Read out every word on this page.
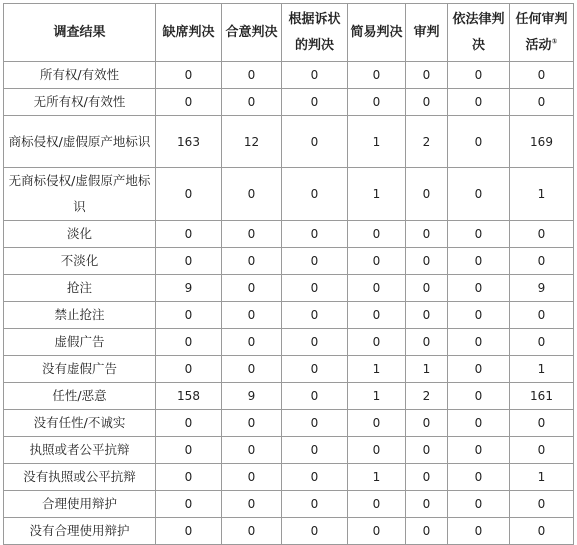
调查结果	缺席判决	合意判决	根据诉状的判决	简易判决	审判	依法律判决	任何审判活动①
所有权/有效性	0	0	0	0	0	0	0
无所有权/有效性	0	0	0	0	0	0	0
商标侵权/虚假原产地标识	163	12	0	1	2	0	169
无商标侵权/虚假原产地标识	0	0	0	1	0	0	1
淡化	0	0	0	0	0	0	0
不淡化	0	0	0	0	0	0	0
抢注	9	0	0	0	0	0	9
禁止抢注	0	0	0	0	0	0	0
虚假广告	0	0	0	0	0	0	0
没有虚假广告	0	0	0	1	1	0	1
任性/恶意	158	9	0	1	2	0	161
没有任性/不诚实	0	0	0	0	0	0	0
执照或者公平抗辩	0	0	0	0	0	0	0
没有执照或公平抗辩	0	0	0	1	0	0	1
合理使用辩护	0	0	0	0	0	0	0
没有合理使用辩护	0	0	0	0	0	0	0
